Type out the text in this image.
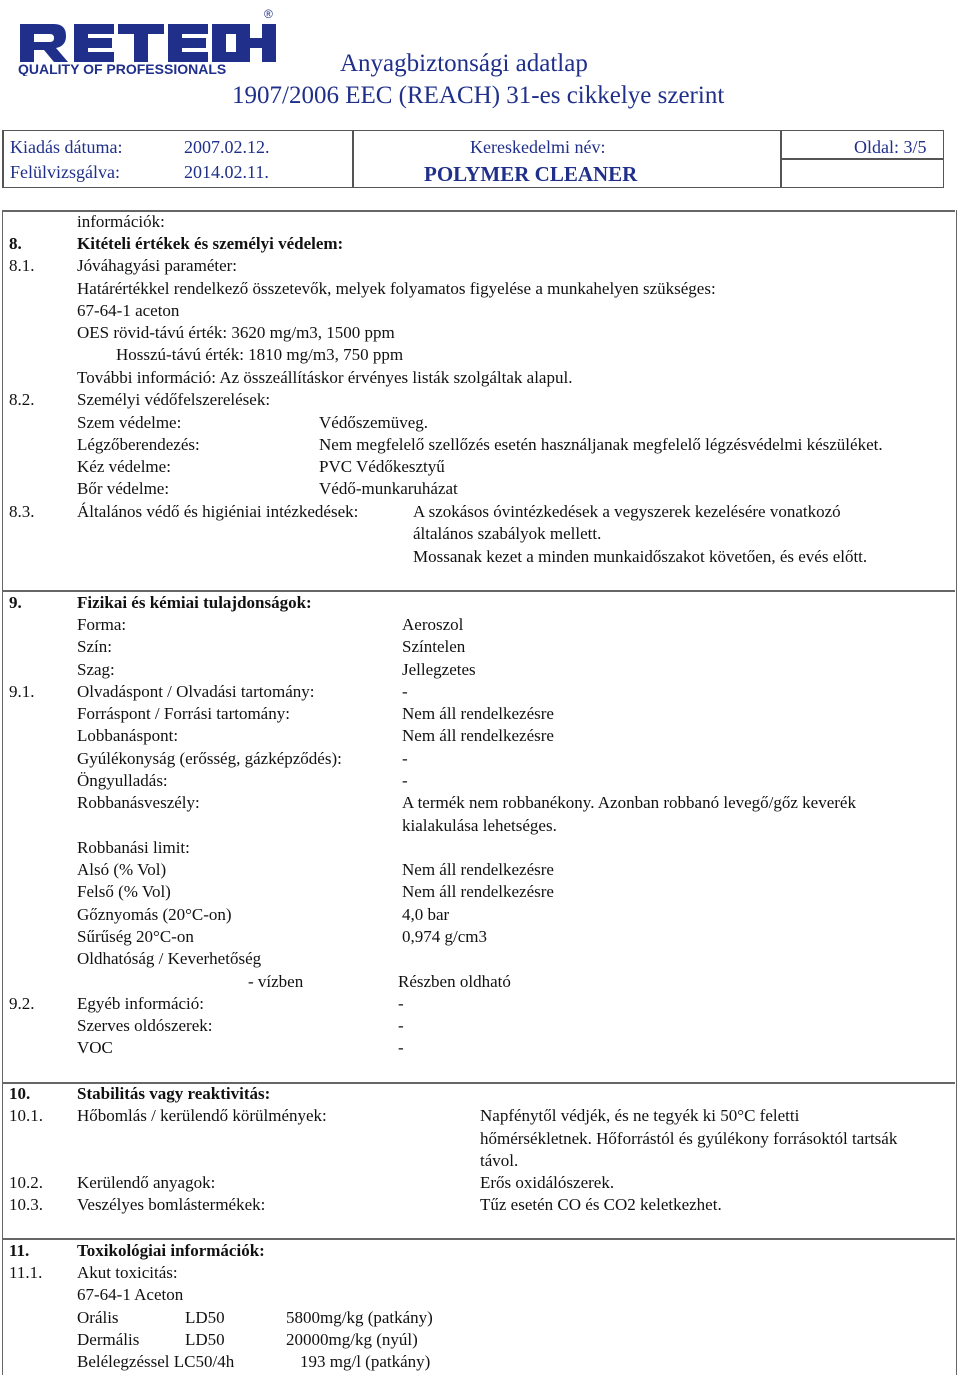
®
QUALITY OF PROFESSIONALS	Anyagbiztonsági adatlap
1907/2006 EEC (REACH) 31-es cikkelye szerint
Kiadás dátuma:	2007.02.12.
Felülvizsgálva:	2014.02.11.
Kereskedelmi név:
POLYMER CLEANER
Oldal: 3/5
információk:
8.	Kitételi értékek és személyi védelem:
8.1.	Jóváhagyási paraméter:
Határértékkel rendelkező összetevők, melyek folyamatos figyelése a munkahelyen szükséges:
67-64-1 aceton
OES rövid-távú érték: 3620 mg/m3, 1500 ppm
Hosszú-távú érték: 1810 mg/m3, 750 ppm
További információ: Az összeállításkor érvényes listák szolgáltak alapul.
8.2.	Személyi védőfelszerelések:
Szem védelme:	Védőszemüveg.
Légzőberendezés:	Nem megfelelő szellőzés esetén használjanak megfelelő légzésvédelmi készüléket.
Kéz védelme:	PVC Védőkesztyű
Bőr védelme:	Védő-munkaruházat
8.3.	Általános védő és higiéniai intézkedések:	A szokásos óvintézkedések a vegyszerek kezelésére vonatkozó
általános szabályok mellett.
Mossanak kezet a minden munkaidőszakot követően, és evés előtt.
9.	Fizikai és kémiai tulajdonságok:
Forma:	Aeroszol
Szín:	Színtelen
Szag:	Jellegzetes
9.1.	Olvadáspont / Olvadási tartomány:	-
Forráspont / Forrási tartomány:	Nem áll rendelkezésre
Lobbanáspont:	Nem áll rendelkezésre
Gyúlékonyság (erősség, gázképződés):	-
Öngyulladás:	-
Robbanásveszély:	A termék nem robbanékony. Azonban robbanó levegő/gőz keverék
kialakulása lehetséges.
Robbanási limit:
Alsó (% Vol)	Nem áll rendelkezésre
Felső (% Vol)	Nem áll rendelkezésre
Gőznyomás (20°C-on)	4,0 bar
Sűrűség 20°C-on	0,974 g/cm3
Oldhatóság / Keverhetőség
- vízben	Részben oldható
9.2.	Egyéb információ:	-
Szerves oldószerek:	-
VOC	-
10.	Stabilitás vagy reaktivitás:
10.1. Hőbomlás / kerülendő körülmények:	Napfénytől védjék, és ne tegyék ki 50°C feletti
hőmérsékletnek. Hőforrástól és gyúlékony forrásoktól tartsák
távol.
10.2. Kerülendő anyagok:	Erős oxidálószerek.
10.3. Veszélyes bomlástermékek:	Tűz esetén CO és CO2 keletkezhet.
11.	Toxikológiai információk:
11.1. Akut toxicitás:
67-64-1 Aceton
Orális	LD50	5800mg/kg (patkány)
Dermális	LD50	20000mg/kg (nyúl)
Belélegzéssel LC50/4h	193 mg/l (patkány)
